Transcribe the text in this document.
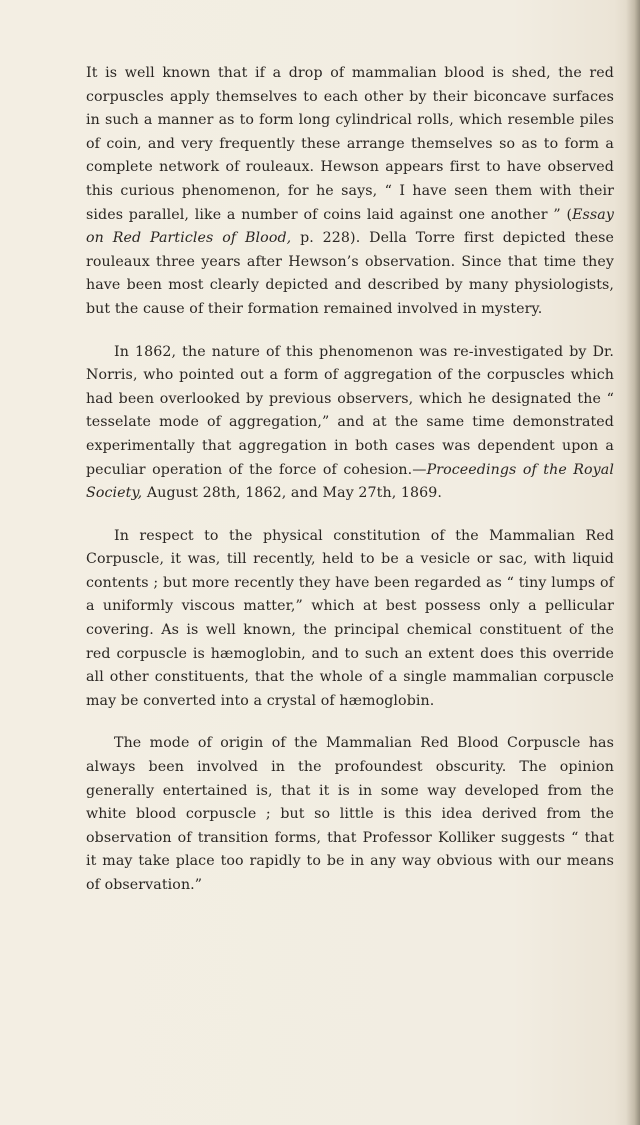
It is well known that if a drop of mammalian blood is shed, the red corpuscles apply themselves to each other by their biconcave surfaces in such a manner as to form long cylindrical rolls, which resemble piles of coin, and very frequently these arrange themselves so as to form a complete network of rouleaux. Hewson appears first to have observed this curious phenomenon, for he says, “ I have seen them with their sides parallel, like a number of coins laid against one another ” (Essay on Red Particles of Blood, p. 228). Della Torre first depicted these rouleaux three years after Hewson’s observation. Since that time they have been most clearly depicted and described by many physiologists, but the cause of their formation remained involved in mystery.

In 1862, the nature of this phenomenon was re-investigated by Dr. Norris, who pointed out a form of aggregation of the corpuscles which had been overlooked by previous observers, which he designated the “ tesselate mode of aggregation,” and at the same time demonstrated experimentally that aggregation in both cases was dependent upon a peculiar operation of the force of cohesion.—Proceedings of the Royal Society, August 28th, 1862, and May 27th, 1869.

In respect to the physical constitution of the Mammalian Red Corpuscle, it was, till recently, held to be a vesicle or sac, with liquid contents ; but more recently they have been regarded as “ tiny lumps of a uniformly viscous matter,” which at best possess only a pellicular covering. As is well known, the principal chemical constituent of the red corpuscle is hæmoglobin, and to such an extent does this override all other constituents, that the whole of a single mammalian corpuscle may be converted into a crystal of hæmoglobin.

The mode of origin of the Mammalian Red Blood Corpuscle has always been involved in the profoundest obscurity. The opinion generally entertained is, that it is in some way developed from the white blood corpuscle ; but so little is this idea derived from the observation of transition forms, that Professor Kolliker suggests “ that it may take place too rapidly to be in any way obvious with our means of observation.”
